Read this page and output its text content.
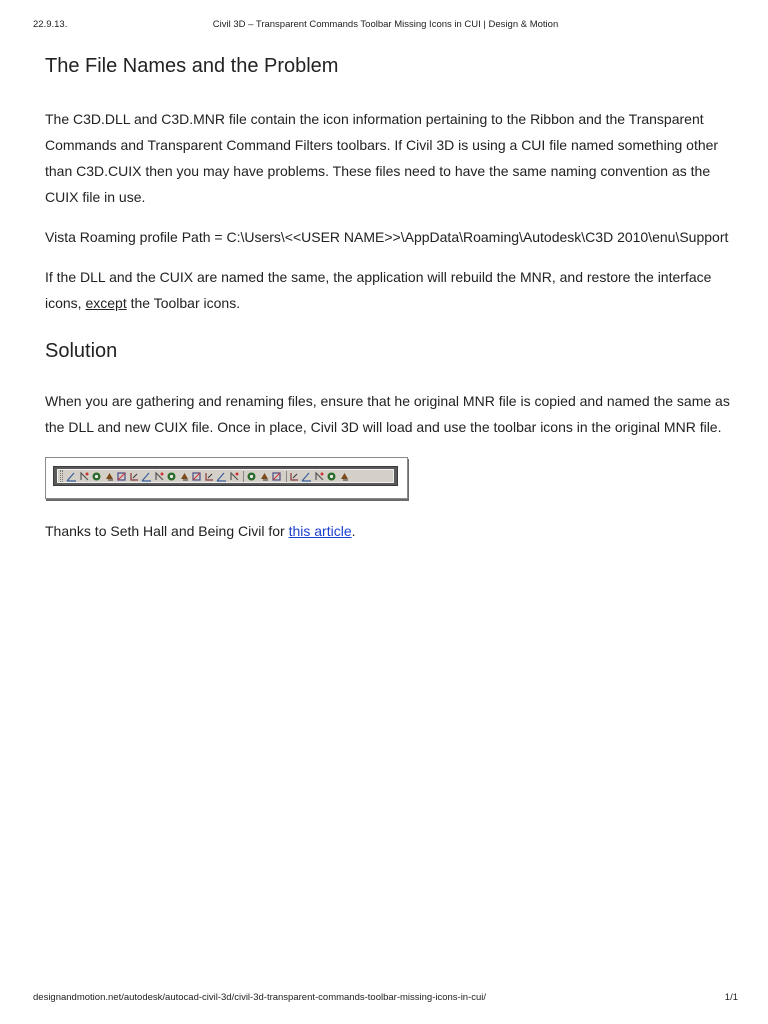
22.9.13.	Civil 3D – Transparent Commands Toolbar Missing Icons in CUI | Design & Motion
The File Names and the Problem

The C3D.DLL and C3D.MNR file contain the icon information pertaining to the Ribbon and the Transparent Commands and Transparent Command Filters toolbars. If Civil 3D is using a CUI file named something other than C3D.CUIX then you may have problems. These files need to have the same naming convention as the CUIX file in use.

Vista Roaming profile Path = C:\Users\<<USER NAME>>\AppData\Roaming\Autodesk\C3D 2010\enu\Support

If the DLL and the CUIX are named the same, the application will rebuild the MNR, and restore the interface icons, except the Toolbar icons.

Solution

When you are gathering and renaming files, ensure that he original MNR file is copied and named the same as the DLL and new CUIX file. Once in place, Civil 3D will load and use the toolbar icons in the original MNR file.

Thanks to Seth Hall and Being Civil for this article.

designandmotion.net/autodesk/autocad-civil-3d/civil-3d-transparent-commands-toolbar-missing-icons-in-cui/	1/1
